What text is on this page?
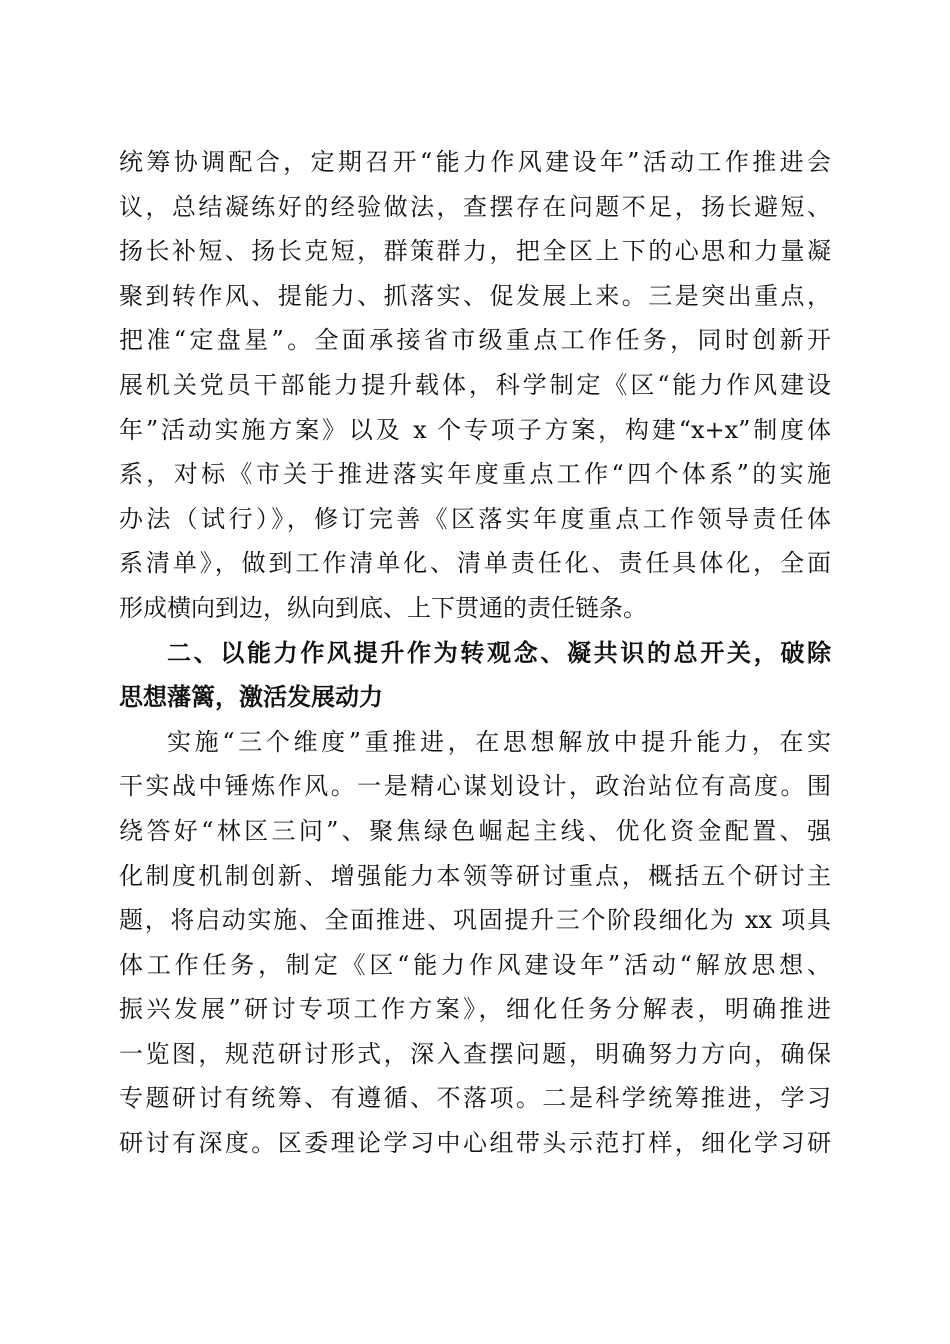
统筹协调配合，定期召开“能力作风建设年”活动工作推进会
议，总结凝练好的经验做法，查摆存在问题不足，扬长避短、
扬长补短、扬长克短，群策群力，把全区上下的心思和力量凝
聚到转作风、提能力、抓落实、促发展上来。三是突出重点，
把准“定盘星”。全面承接省市级重点工作任务，同时创新开
展机关党员干部能力提升载体，科学制定《区“能力作风建设
年”活动实施方案》以及 x 个专项子方案，构建“x+x”制度体
系，对标《市关于推进落实年度重点工作“四个体系”的实施
办法（试行）》，修订完善《区落实年度重点工作领导责任体
系清单》，做到工作清单化、清单责任化、责任具体化，全面
形成横向到边，纵向到底、上下贯通的责任链条。
二、以能力作风提升作为转观念、凝共识的总开关，破除
思想藩篱，激活发展动力
实施“三个维度”重推进，在思想解放中提升能力，在实
干实战中锤炼作风。一是精心谋划设计，政治站位有高度。围
绕答好“林区三问”、聚焦绿色崛起主线、优化资金配置、强
化制度机制创新、增强能力本领等研讨重点，概括五个研讨主
题，将启动实施、全面推进、巩固提升三个阶段细化为 xx 项具
体工作任务，制定《区“能力作风建设年”活动“解放思想、
振兴发展”研讨专项工作方案》，细化任务分解表，明确推进
一览图，规范研讨形式，深入查摆问题，明确努力方向，确保
专题研讨有统筹、有遵循、不落项。二是科学统筹推进，学习
研讨有深度。区委理论学习中心组带头示范打样，细化学习研
